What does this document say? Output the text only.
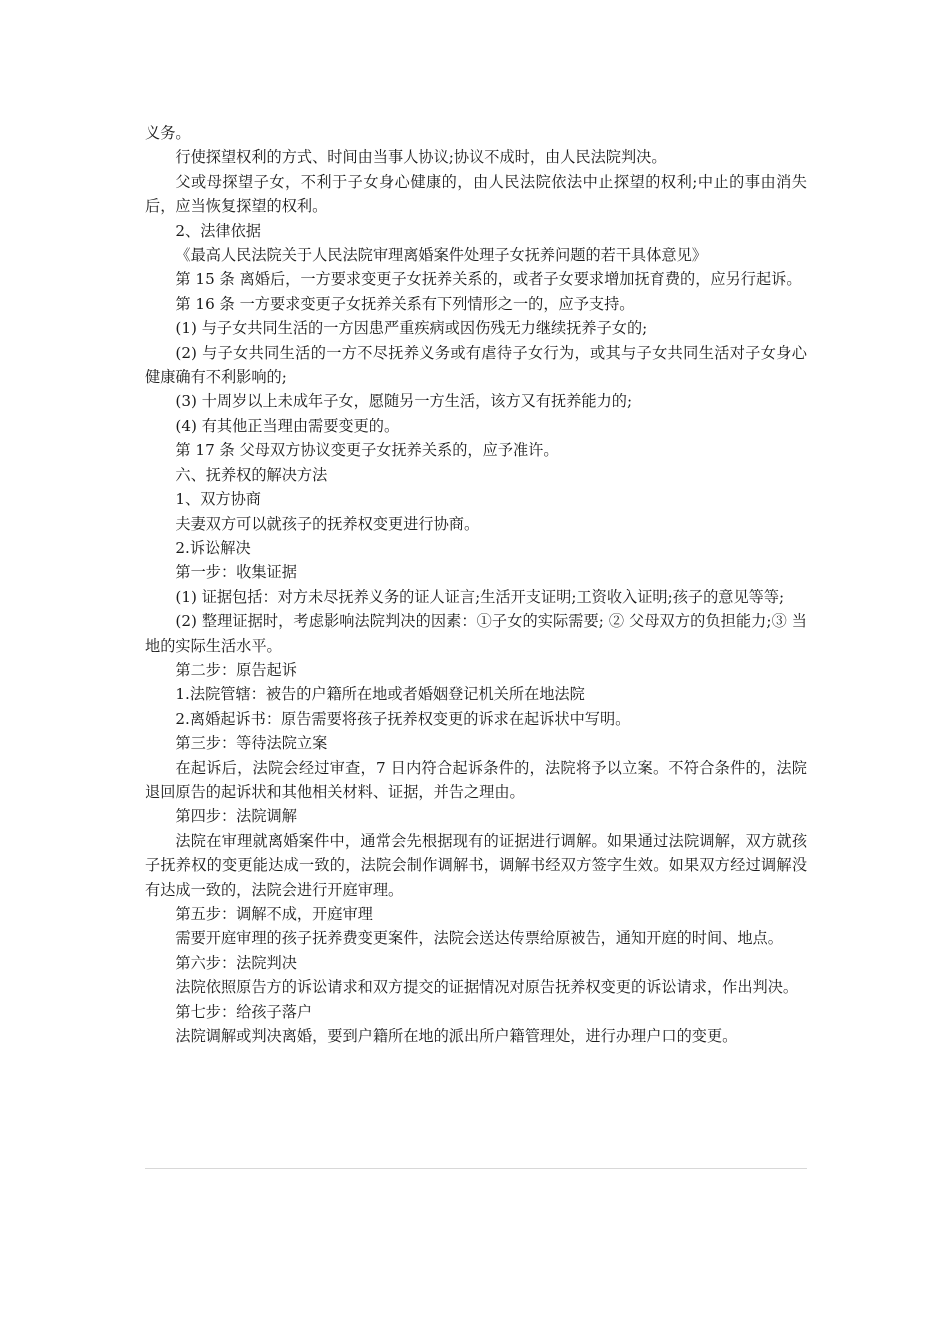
义务。

行使探望权利的方式、时间由当事人协议;协议不成时，由人民法院判决。

父或母探望子女，不利于子女身心健康的，由人民法院依法中止探望的权利;中止的事由消失后，应当恢复探望的权利。

2、法律依据

《最高人民法院关于人民法院审理离婚案件处理子女抚养问题的若干具体意见》

第 15 条 离婚后，一方要求变更子女抚养关系的，或者子女要求增加抚育费的，应另行起诉。

第 16 条 一方要求变更子女抚养关系有下列情形之一的，应予支持。

(1) 与子女共同生活的一方因患严重疾病或因伤残无力继续抚养子女的;

(2) 与子女共同生活的一方不尽抚养义务或有虐待子女行为，或其与子女共同生活对子女身心健康确有不利影响的;

(3) 十周岁以上未成年子女，愿随另一方生活，该方又有抚养能力的;

(4) 有其他正当理由需要变更的。

第 17 条 父母双方协议变更子女抚养关系的，应予准许。

六、抚养权的解决方法

1、双方协商

夫妻双方可以就孩子的抚养权变更进行协商。

2.诉讼解决

第一步：收集证据

(1) 证据包括：对方未尽抚养义务的证人证言;生活开支证明;工资收入证明;孩子的意见等等;

(2) 整理证据时，考虑影响法院判决的因素：①子女的实际需要; ② 父母双方的负担能力;③ 当地的实际生活水平。

第二步：原告起诉

1.法院管辖：被告的户籍所在地或者婚姻登记机关所在地法院

2.离婚起诉书：原告需要将孩子抚养权变更的诉求在起诉状中写明。

第三步：等待法院立案

在起诉后，法院会经过审查，7 日内符合起诉条件的，法院将予以立案。不符合条件的，法院退回原告的起诉状和其他相关材料、证据，并告之理由。

第四步：法院调解

法院在审理就离婚案件中，通常会先根据现有的证据进行调解。如果通过法院调解，双方就孩子抚养权的变更能达成一致的，法院会制作调解书，调解书经双方签字生效。如果双方经过调解没有达成一致的，法院会进行开庭审理。

第五步：调解不成，开庭审理

需要开庭审理的孩子抚养费变更案件，法院会送达传票给原被告，通知开庭的时间、地点。

第六步：法院判决

法院依照原告方的诉讼请求和双方提交的证据情况对原告抚养权变更的诉讼请求，作出判决。

第七步：给孩子落户

法院调解或判决离婚，要到户籍所在地的派出所户籍管理处，进行办理户口的变更。
